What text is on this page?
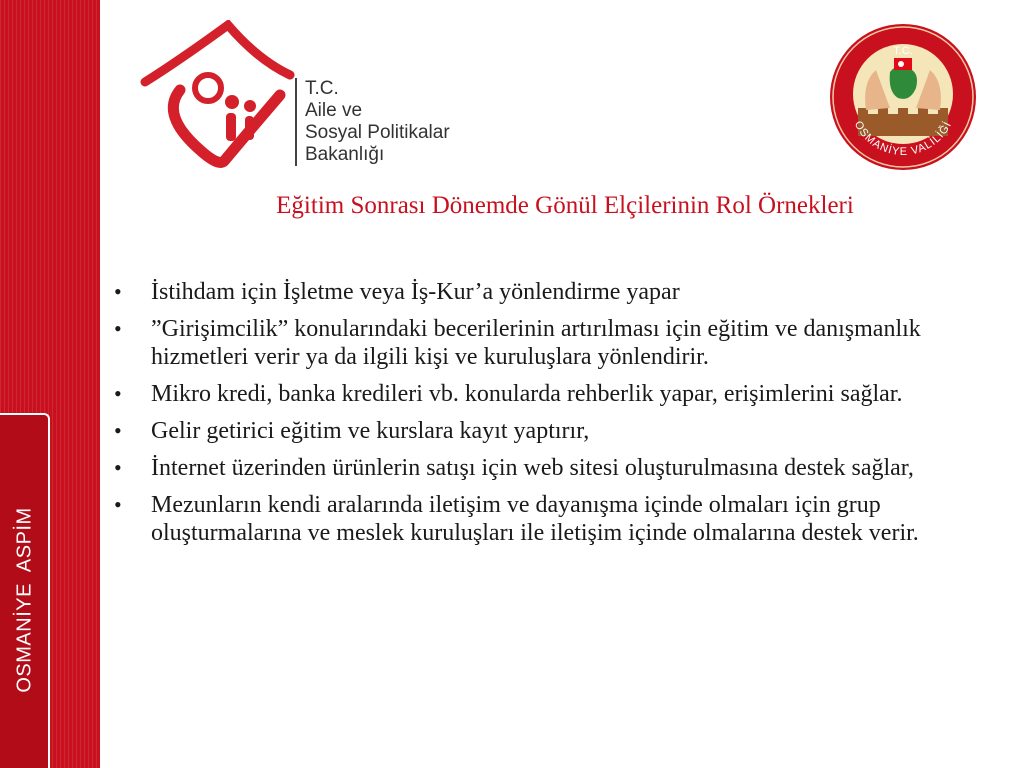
OSMANİYE ASPİM
T.C.
Aile ve
Sosyal Politikalar
Bakanlığı
T.C.
OSMANİYE VALİLİĞİ
Eğitim Sonrası Dönemde Gönül Elçilerinin Rol Örnekleri
• İstihdam için İşletme veya İş-Kur’a yönlendirme yapar
• ”Girişimcilik” konularındaki becerilerinin artırılması için eğitim ve danışmanlık hizmetleri verir ya da ilgili kişi ve kuruluşlara yönlendirir.
• Mikro kredi, banka kredileri vb. konularda rehberlik yapar, erişimlerini sağlar.
• Gelir getirici eğitim ve kurslara kayıt yaptırır,
• İnternet üzerinden ürünlerin satışı için web sitesi oluşturulmasına destek sağlar,
• Mezunların kendi aralarında iletişim ve dayanışma içinde olmaları için grup oluşturmalarına ve meslek kuruluşları ile iletişim içinde olmalarına destek verir.
